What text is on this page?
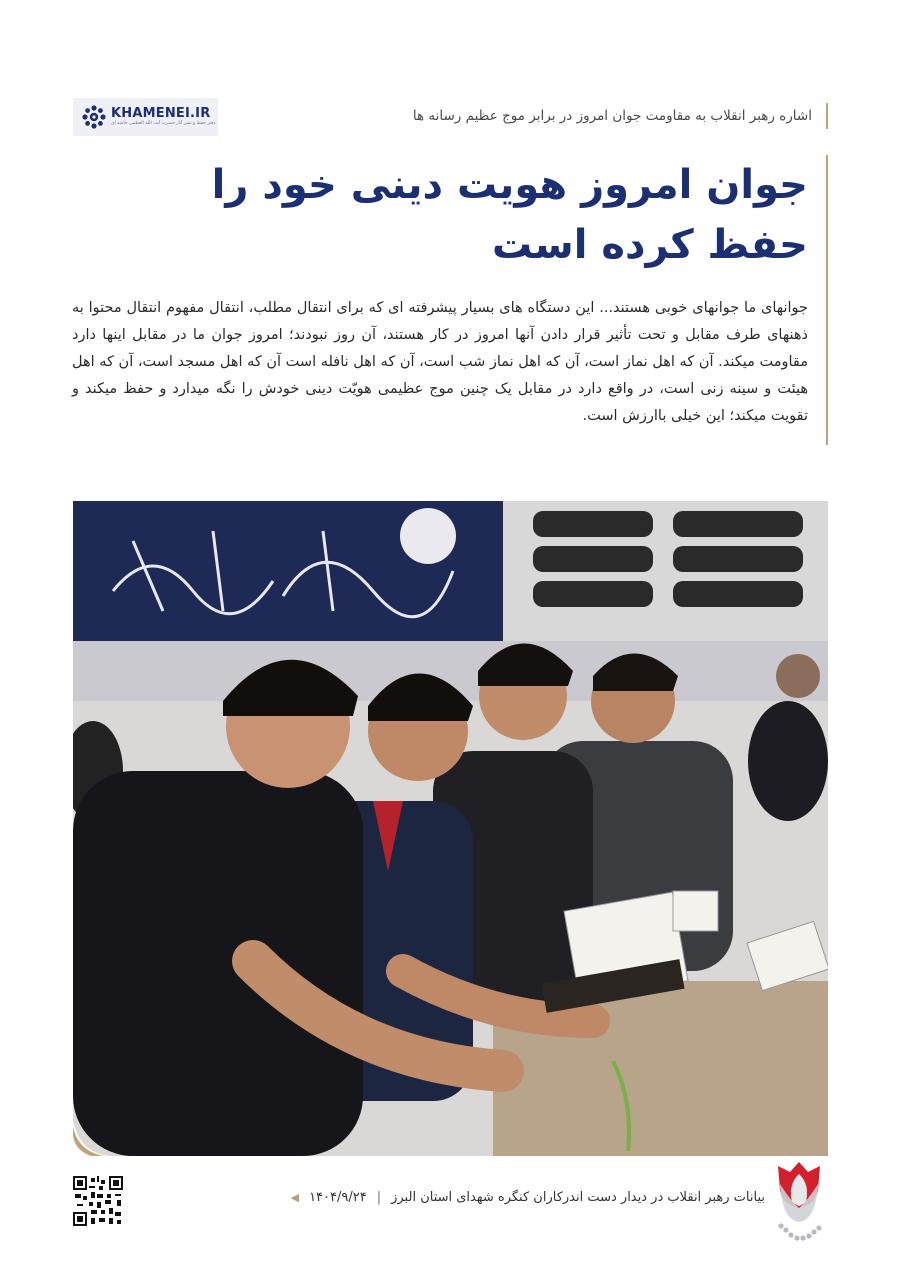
KHAMENEI.IR
دفتر حفظ و نشر آثار حضرت آیت الله العظمی خامنه ای	اشاره رهبر انقلاب به مقاومت جوان امروز در برابر موج عظیم رسانه ها
جوان امروز هویت دینی خود را
حفظ کرده است

جوانهای ما جوانهای خوبی هستند... این دستگاه های بسیار پیشرفته ای که برای انتقال مطلب، انتقال مفهوم انتقال محتوا به ذهنهای طرف مقابل و تحت تأثیر قرار دادن آنها امروز در کار هستند، آن روز نبودند؛ امروز جوان ما در مقابل اینها دارد مقاومت میکند. آن که اهل نماز است، آن که اهل نماز شب است، آن که اهل نافله است آن که اهل مسجد است، آن که اهل هیئت و سینه زنی است، در واقع دارد در مقابل یک چنین موج عظیمی هویّت دینی خودش را نگه میدارد و حفظ میکند و تقویت میکند؛ این خیلی باارزش است.

بیانات رهبر انقلاب در دیدار دست اندرکاران کنگره شهدای استان البرز
|
۱۴۰۴/۹/۲۴
◀
